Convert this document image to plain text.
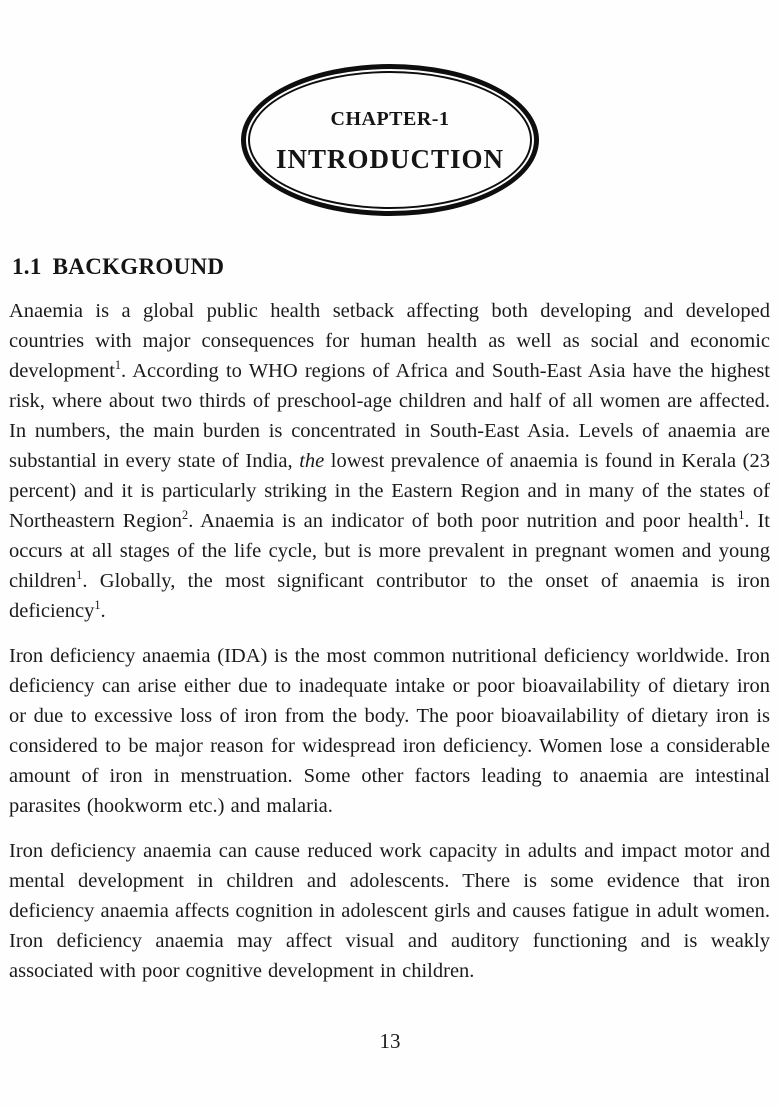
CHAPTER-1
INTRODUCTION
1.1 BACKGROUND

Anaemia is a global public health setback affecting both developing and developed countries with major consequences for human health as well as social and economic development$^1$. According to WHO regions of Africa and South-East Asia have the highest risk, where about two thirds of preschool-age children and half of all women are affected. In numbers, the main burden is concentrated in South-East Asia. Levels of anaemia are substantial in every state of India, the lowest prevalence of anaemia is found in Kerala (23 percent) and it is particularly striking in the Eastern Region and in many of the states of Northeastern Region$^2$. Anaemia is an indicator of both poor nutrition and poor health$^1$. It occurs at all stages of the life cycle, but is more prevalent in pregnant women and young children$^1$. Globally, the most significant contributor to the onset of anaemia is iron deficiency$^1$.

Iron deficiency anaemia (IDA) is the most common nutritional deficiency worldwide. Iron deficiency can arise either due to inadequate intake or poor bioavailability of dietary iron or due to excessive loss of iron from the body. The poor bioavailability of dietary iron is considered to be major reason for widespread iron deficiency. Women lose a considerable amount of iron in menstruation. Some other factors leading to anaemia are intestinal parasites (hookworm etc.) and malaria.

Iron deficiency anaemia can cause reduced work capacity in adults and impact motor and mental development in children and adolescents. There is some evidence that iron deficiency anaemia affects cognition in adolescent girls and causes fatigue in adult women. Iron deficiency anaemia may affect visual and auditory functioning and is weakly associated with poor cognitive development in children.

13
